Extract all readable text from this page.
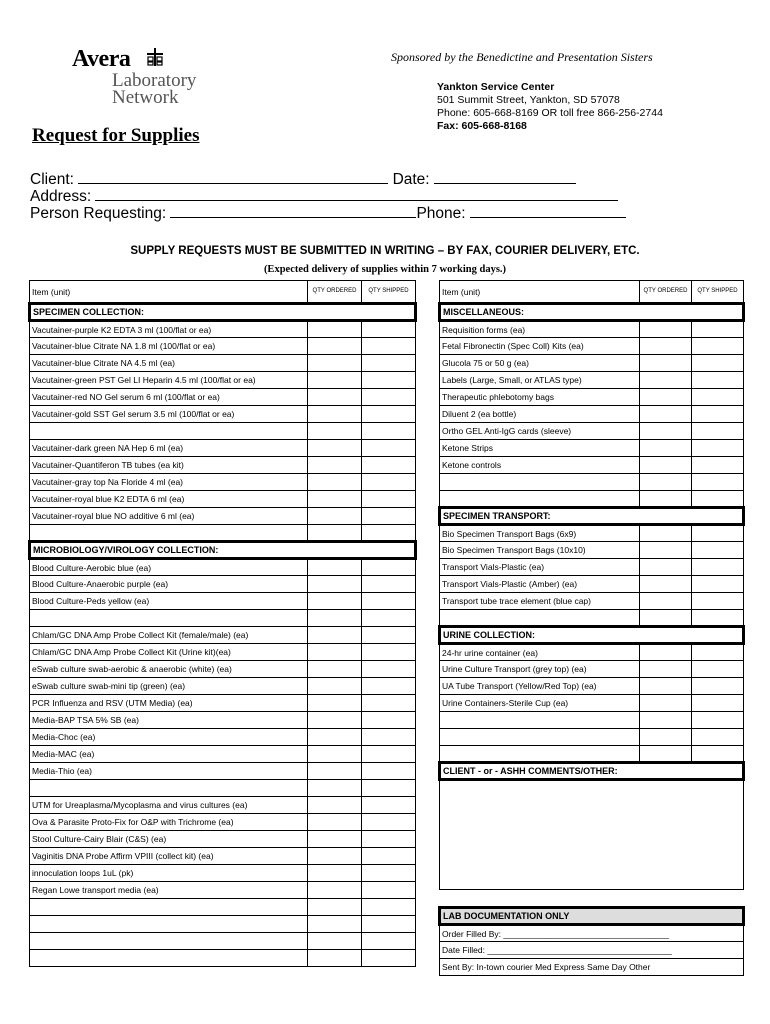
Avera
Laboratory
Network
Sponsored by the Benedictine and Presentation Sisters
Yankton Service Center
501 Summit Street, Yankton, SD 57078
Phone: 605-668-8169 OR toll free 866-256-2744
Fax: 605-668-8168
Request for Supplies
Client:	Date:
Address:
Person Requesting:	Phone:
SUPPLY REQUESTS MUST BE SUBMITTED IN WRITING – BY FAX, COURIER DELIVERY, ETC.
(Expected delivery of supplies within 7 working days.)
Item (unit)	QTY ORDERED	QTY SHIPPED
SPECIMEN COLLECTION:		
Vacutainer-purple K2 EDTA 3 ml (100/flat or ea)		
Vacutainer-blue Citrate NA 1.8 ml (100/flat or ea)		
Vacutainer-blue Citrate NA 4.5 ml (ea)		
Vacutainer-green PST Gel LI Heparin 4.5 ml (100/flat or ea)		
Vacutainer-red NO Gel serum 6 ml (100/flat or ea)		
Vacutainer-gold SST Gel serum 3.5 ml (100/flat or ea)		

Vacutainer-dark green NA Hep 6 ml (ea)		
Vacutainer-Quantiferon TB tubes (ea kit)		
Vacutainer-gray top Na Floride 4 ml (ea)		
Vacutainer-royal blue K2 EDTA 6 ml (ea)		
Vacutainer-royal blue NO additive 6 ml (ea)		

MICROBIOLOGY/VIROLOGY COLLECTION:		
Blood Culture-Aerobic blue (ea)		
Blood Culture-Anaerobic purple (ea)		
Blood Culture-Peds yellow (ea)		

Chlam/GC DNA Amp Probe Collect Kit (female/male) (ea)		
Chlam/GC DNA Amp Probe Collect Kit (Urine kit)(ea)		
eSwab culture swab-aerobic & anaerobic (white) (ea)		
eSwab culture swab-mini tip (green) (ea)		
PCR Influenza and RSV (UTM Media) (ea)		
Media-BAP TSA 5% SB (ea)		
Media-Choc (ea)		
Media-MAC (ea)		
Media-Thio (ea)		

UTM for Ureaplasma/Mycoplasma and virus cultures (ea)		
Ova & Parasite Proto-Fix for O&P with Trichrome (ea)		
Stool Culture-Cairy Blair (C&S) (ea)		
Vaginitis DNA Probe Affirm VPIII (collect kit) (ea)		
innoculation loops 1uL (pk)		
Regan Lowe transport media (ea)		

Item (unit)	QTY ORDERED	QTY SHIPPED
MISCELLANEOUS:		
Requisition forms (ea)		
Fetal Fibronectin (Spec Coll) Kits (ea)		
Glucola 75 or 50 g (ea)		
Labels (Large, Small, or ATLAS type)		
Therapeutic phlebotomy bags		
Diluent 2 (ea bottle)		
Ortho GEL Anti-IgG cards (sleeve)		
Ketone Strips		
Ketone controls		

SPECIMEN TRANSPORT:		
Bio Specimen Transport Bags (6x9)		
Bio Specimen Transport Bags (10x10)		
Transport Vials-Plastic (ea)		
Transport Vials-Plastic (Amber) (ea)		
Transport tube trace element (blue cap)		

URINE COLLECTION:		
24-hr urine container (ea)		
Urine Culture Transport (grey top) (ea)		
UA Tube Transport (Yellow/Red Top) (ea)		
Urine Containers-Sterile Cup (ea)		

CLIENT - or - ASHH COMMENTS/OTHER:		

LAB DOCUMENTATION ONLY		
Order Filled By: ___________________________________		
Date Filled: _______________________________________		
Sent By: In-town courier Med Express Same Day Other		
